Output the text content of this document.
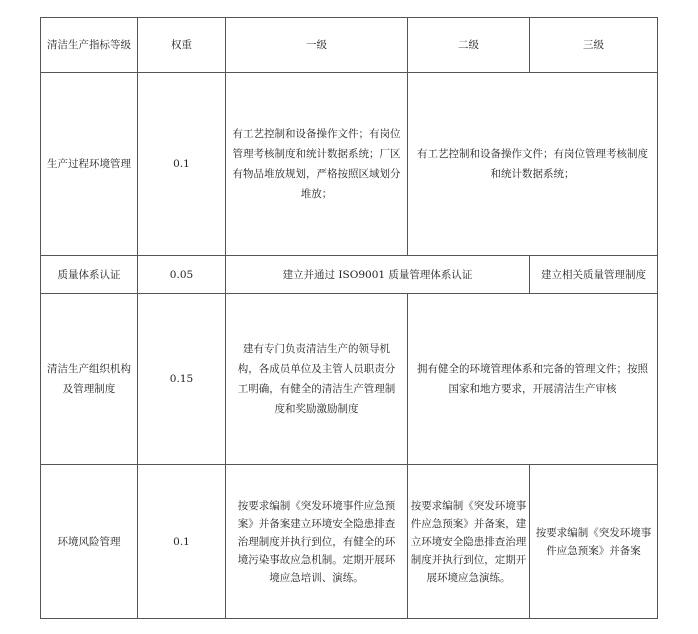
清洁生产指标等级	权重	一级	二级	三级
生产过程环境管理	0.1	有工艺控制和设备操作文件；有岗位管理考核制度和统计数据系统；厂区有物品堆放规划，严格按照区域划分堆放；	有工艺控制和设备操作文件；有岗位管理考核制度和统计数据系统；	
质量体系认证	0.05	建立并通过 ISO9001 质量管理体系认证		建立相关质量管理制度
清洁生产组织机构及管理制度	0.15	建有专门负责清洁生产的领导机构，各成员单位及主管人员职责分工明确，有健全的清洁生产管理制度和奖励激励制度	拥有健全的环境管理体系和完备的管理文件；按照国家和地方要求，开展清洁生产审核	
环境风险管理	0.1	按要求编制《突发环境事件应急预案》并备案建立环境安全隐患排查治理制度并执行到位，有健全的环境污染事故应急机制。定期开展环境应急培训、演练。	按要求编制《突发环境事件应急预案》并备案，建立环境安全隐患排查治理制度并执行到位，定期开展环境应急演练。	按要求编制《突发环境事件应急预案》并备案
